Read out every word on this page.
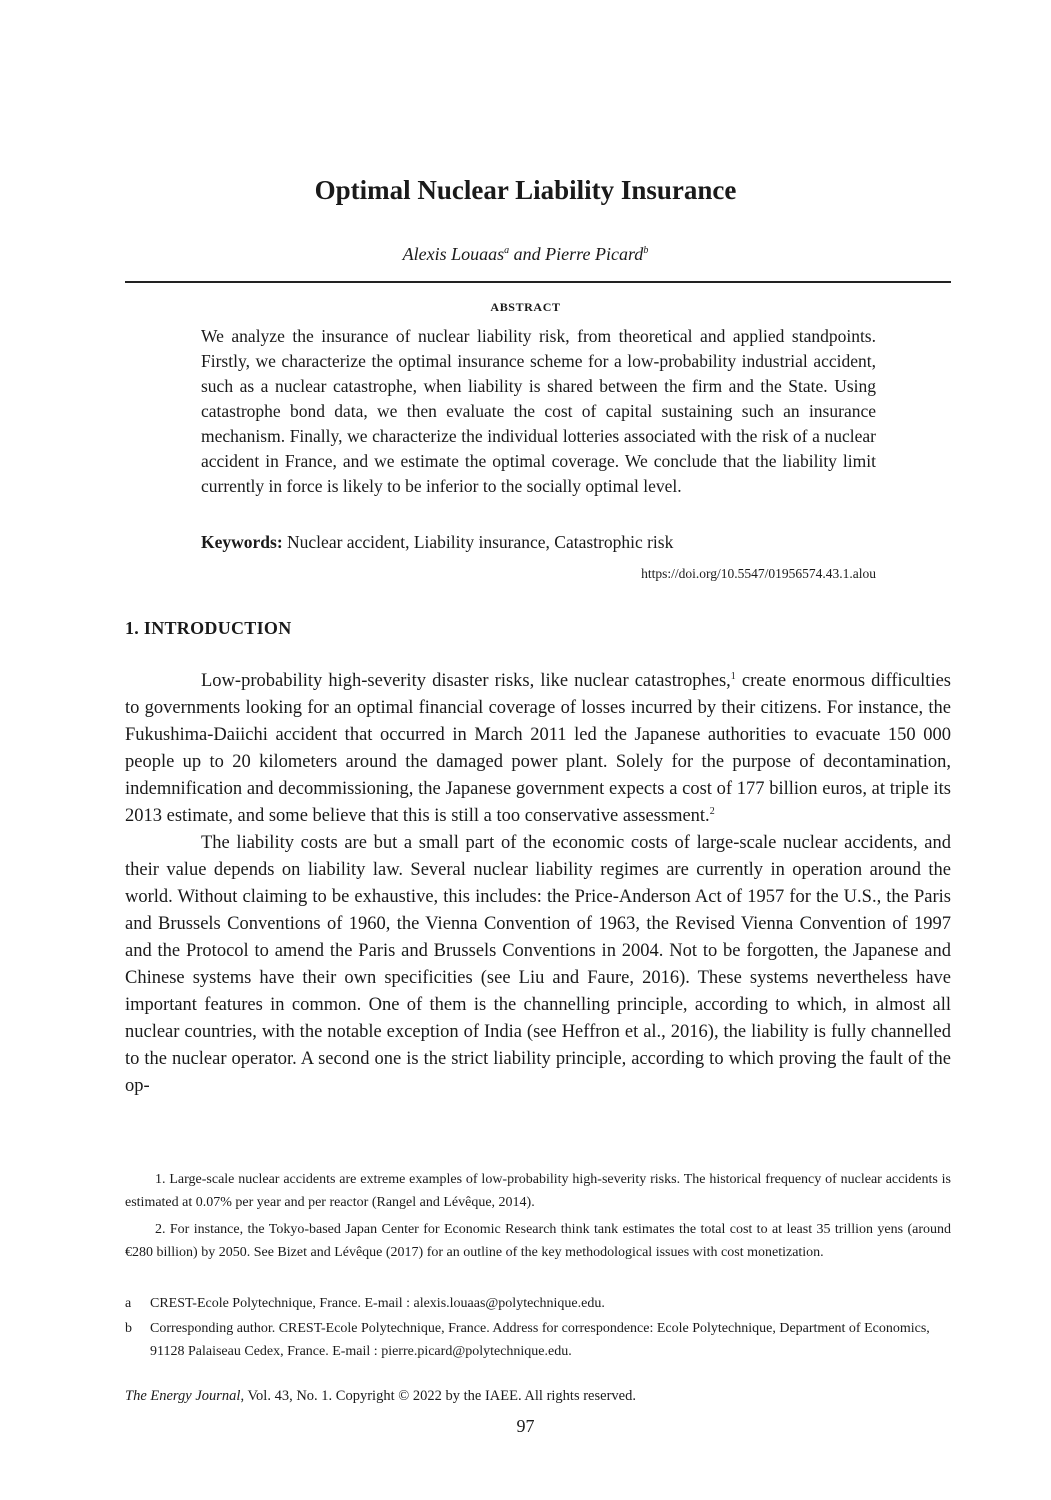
Optimal Nuclear Liability Insurance
Alexis Louaas$^a$ and Pierre Picard$^b$
ABSTRACT

We analyze the insurance of nuclear liability risk, from theoretical and applied standpoints. Firstly, we characterize the optimal insurance scheme for a low-probability industrial accident, such as a nuclear catastrophe, when liability is shared between the firm and the State. Using catastrophe bond data, we then evaluate the cost of capital sustaining such an insurance mechanism. Finally, we characterize the individual lotteries associated with the risk of a nuclear accident in France, and we estimate the optimal coverage. We conclude that the liability limit currently in force is likely to be inferior to the socially optimal level.

Keywords: Nuclear accident, Liability insurance, Catastrophic risk

https://doi.org/10.5547/01956574.43.1.alou
1. INTRODUCTION

Low-probability high-severity disaster risks, like nuclear catastrophes,$^1$ create enormous difficulties to governments looking for an optimal financial coverage of losses incurred by their citizens. For instance, the Fukushima-Daiichi accident that occurred in March 2011 led the Japanese authorities to evacuate 150 000 people up to 20 kilometers around the damaged power plant. Solely for the purpose of decontamination, indemnification and decommissioning, the Japanese government expects a cost of 177 billion euros, at triple its 2013 estimate, and some believe that this is still a too conservative assessment.$^2$

The liability costs are but a small part of the economic costs of large-scale nuclear accidents, and their value depends on liability law. Several nuclear liability regimes are currently in operation around the world. Without claiming to be exhaustive, this includes: the Price-Anderson Act of 1957 for the U.S., the Paris and Brussels Conventions of 1960, the Vienna Convention of 1963, the Revised Vienna Convention of 1997 and the Protocol to amend the Paris and Brussels Conventions in 2004. Not to be forgotten, the Japanese and Chinese systems have their own specificities (see Liu and Faure, 2016). These systems nevertheless have important features in common. One of them is the channelling principle, according to which, in almost all nuclear countries, with the notable exception of India (see Heffron et al., 2016), the liability is fully channelled to the nuclear operator. A second one is the strict liability principle, according to which proving the fault of the op-

1. Large-scale nuclear accidents are extreme examples of low-probability high-severity risks. The historical frequency of nuclear accidents is estimated at 0.07% per year and per reactor (Rangel and Lévêque, 2014).

2. For instance, the Tokyo-based Japan Center for Economic Research think tank estimates the total cost to at least 35 trillion yens (around €280 billion) by 2050. See Bizet and Lévêque (2017) for an outline of the key methodological issues with cost monetization.

a CREST-Ecole Polytechnique, France. E-mail : alexis.louaas@polytechnique.edu.
b Corresponding author. CREST-Ecole Polytechnique, France. Address for correspondence: Ecole Polytechnique, Department of Economics, 91128 Palaiseau Cedex, France. E-mail : pierre.picard@polytechnique.edu.
The Energy Journal, Vol. 43, No. 1. Copyright © 2022 by the IAEE. All rights reserved.
97
